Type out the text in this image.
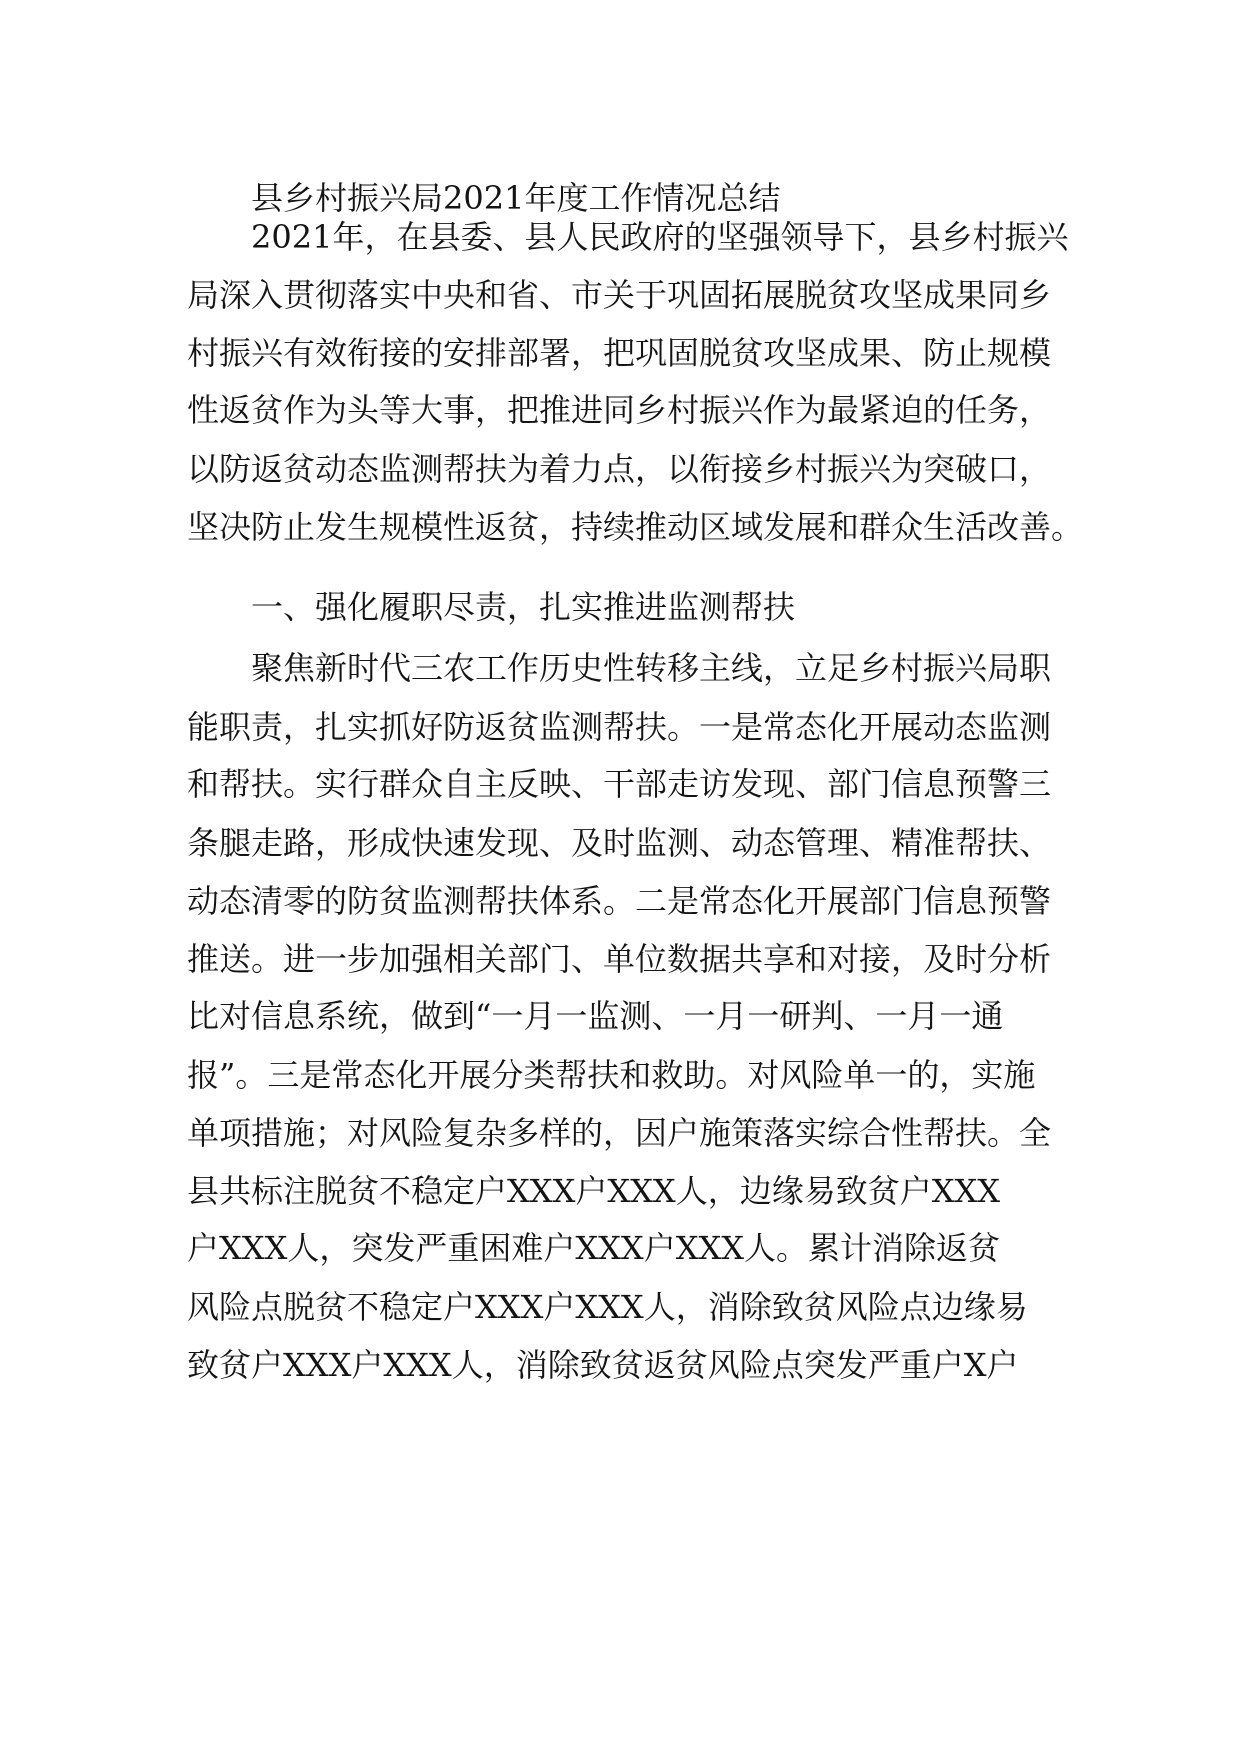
县乡村振兴局2021年度工作情况总结
2021年，在县委、县人民政府的坚强领导下，县乡村振兴
局深入贯彻落实中央和省、市关于巩固拓展脱贫攻坚成果同乡
村振兴有效衔接的安排部署，把巩固脱贫攻坚成果、防止规模
性返贫作为头等大事，把推进同乡村振兴作为最紧迫的任务，
以防返贫动态监测帮扶为着力点，以衔接乡村振兴为突破口，
坚决防止发生规模性返贫，持续推动区域发展和群众生活改善。
一、强化履职尽责，扎实推进监测帮扶
聚焦新时代三农工作历史性转移主线，立足乡村振兴局职
能职责，扎实抓好防返贫监测帮扶。一是常态化开展动态监测
和帮扶。实行群众自主反映、干部走访发现、部门信息预警三
条腿走路，形成快速发现、及时监测、动态管理、精准帮扶、
动态清零的防贫监测帮扶体系。二是常态化开展部门信息预警
推送。进一步加强相关部门、单位数据共享和对接，及时分析
比对信息系统，做到“一月一监测、一月一研判、一月一通
报”。三是常态化开展分类帮扶和救助。对风险单一的，实施
单项措施；对风险复杂多样的，因户施策落实综合性帮扶。全
县共标注脱贫不稳定户XXX户XXX人，边缘易致贫户XXX
户XXX人，突发严重困难户XXX户XXX人。累计消除返贫
风险点脱贫不稳定户XXX户XXX人，消除致贫风险点边缘易
致贫户XXX户XXX人，消除致贫返贫风险点突发严重户X户
